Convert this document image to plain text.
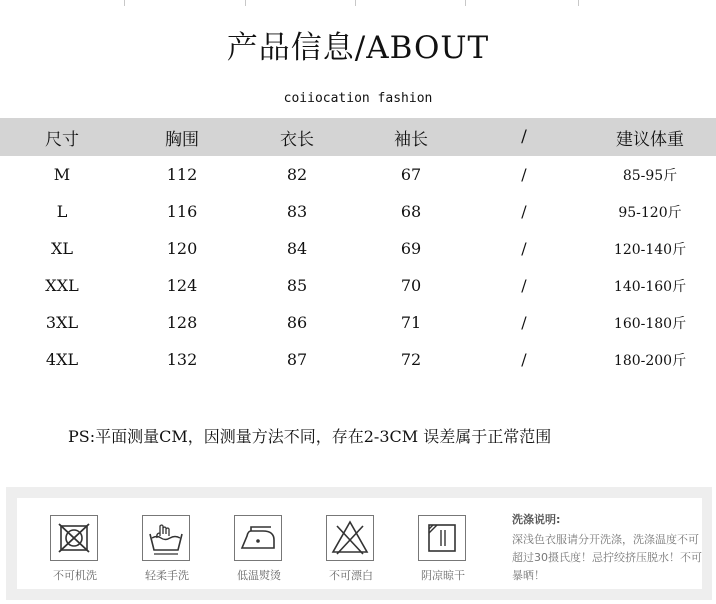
产品信息/ABOUT
coiiocation fashion
尺寸	胸围	衣长	袖长	/	建议体重
M	112	82	67	/	85-95斤
L	116	83	68	/	95-120斤
XL	120	84	69	/	120-140斤
XXL	124	85	70	/	140-160斤
3XL	128	86	71	/	160-180斤
4XL	132	87	72	/	180-200斤
PS:平面测量CM，因测量方法不同，存在2-3CM 误差属于正常范围
不可机洗	轻柔手洗	低温熨烫	不可漂白	阴凉晾干
洗涤说明:
深浅色衣服请分开洗涤，洗涤温度不可超过30摄氏度！忌拧绞挤压脱水！不可暴晒！
